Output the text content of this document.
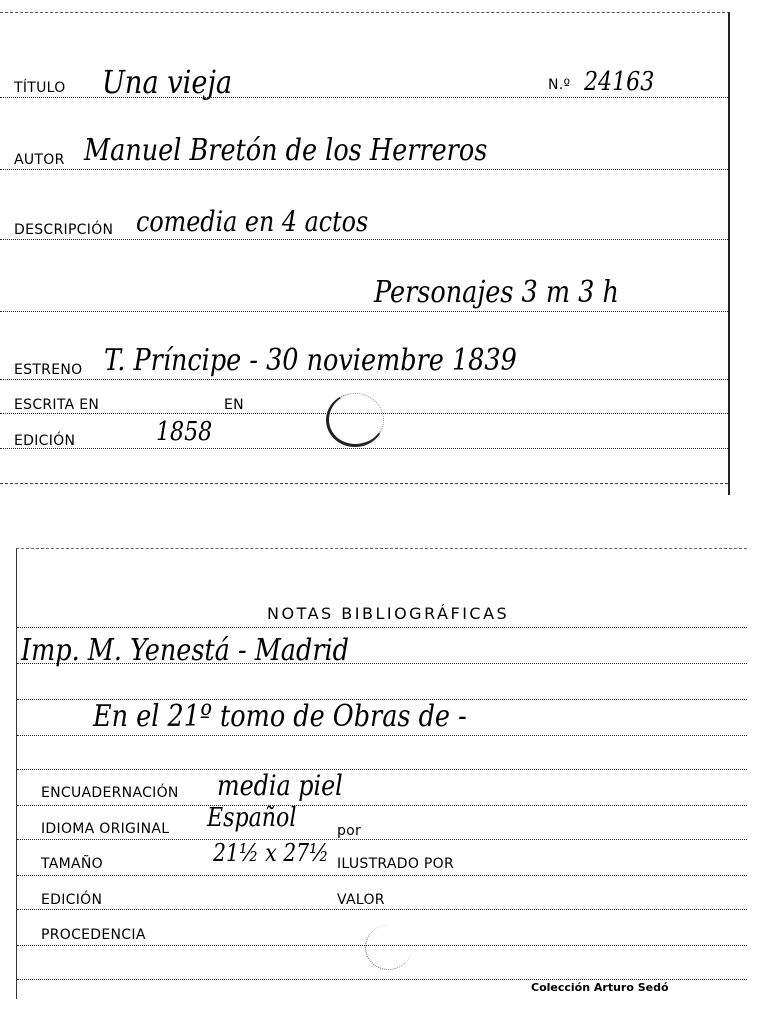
TÍTULO Una vieja	N.º 24163
AUTOR Manuel Bretón de los Herreros
DESCRIPCIÓN comedia en 4 actos
Personajes 3 m 3 h
ESTRENO T. Príncipe - 30 noviembre 1839
ESCRITA EN	EN
EDICIÓN	1858
NOTAS BIBLIOGRÁFICAS
Imp. M. Yenestá - Madrid
En el 21º tomo de Obras de -
ENCUADERNACIÓN media piel
IDIOMA ORIGINAL Español	por
TAMAÑO	21½ x 27½ ILUSTRADO POR
EDICIÓN	VALOR
PROCEDENCIA
Colección Arturo Sedó
